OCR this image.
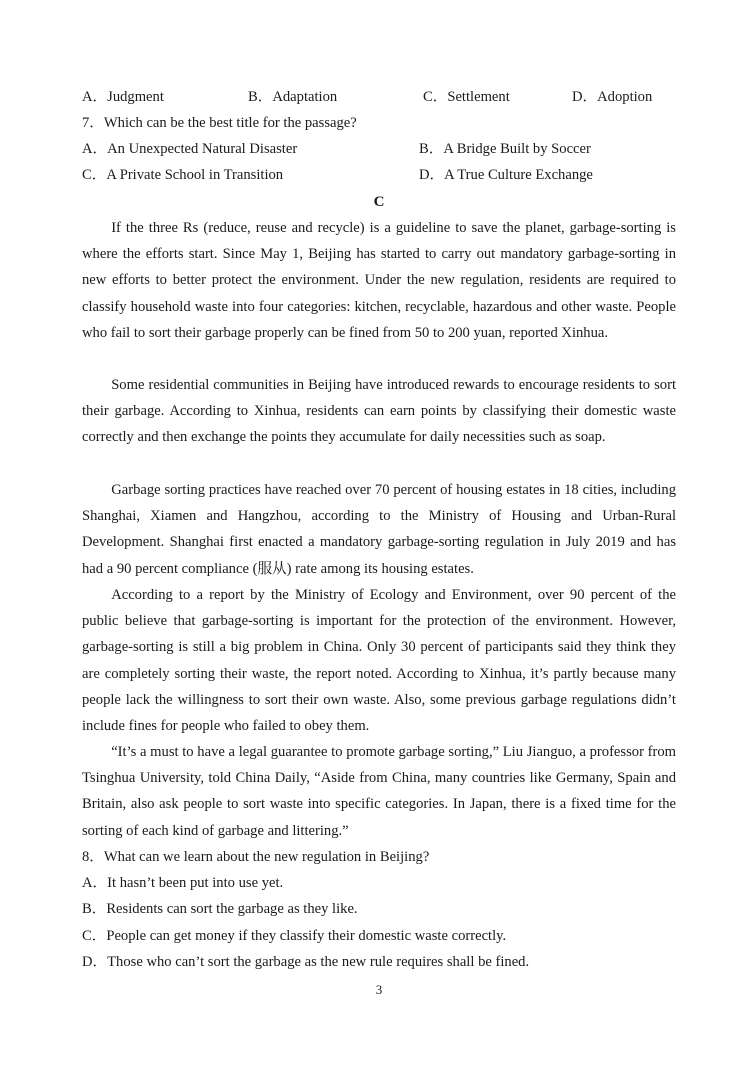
A．Judgment	B．Adaptation	C．Settlement	D．Adoption
7．Which can be the best title for the passage?
A．An Unexpected Natural Disaster	B．A Bridge Built by Soccer
C．A Private School in Transition	D．A True Culture Exchange
C

If the three Rs (reduce, reuse and recycle) is a guideline to save the planet, garbage-sorting is where the efforts start. Since May 1, Beijing has started to carry out mandatory garbage-sorting in new efforts to better protect the environment. Under the new regulation, residents are required to classify household waste into four categories: kitchen, recyclable, hazardous and other waste. People who fail to sort their garbage properly can be fined from 50 to 200 yuan, reported Xinhua.

Some residential communities in Beijing have introduced rewards to encourage residents to sort their garbage. According to Xinhua, residents can earn points by classifying their domestic waste correctly and then exchange the points they accumulate for daily necessities such as soap.

Garbage sorting practices have reached over 70 percent of housing estates in 18 cities, including Shanghai, Xiamen and Hangzhou, according to the Ministry of Housing and Urban-Rural Development. Shanghai first enacted a mandatory garbage-sorting regulation in July 2019 and has had a 90 percent compliance (服从) rate among its housing estates.

According to a report by the Ministry of Ecology and Environment, over 90 percent of the public believe that garbage-sorting is important for the protection of the environment. However, garbage-sorting is still a big problem in China. Only 30 percent of participants said they think they are completely sorting their waste, the report noted. According to Xinhua, it’s partly because many people lack the willingness to sort their own waste. Also, some previous garbage regulations didn’t include fines for people who failed to obey them.

“It’s a must to have a legal guarantee to promote garbage sorting,” Liu Jianguo, a professor from Tsinghua University, told China Daily, “Aside from China, many countries like Germany, Spain and Britain, also ask people to sort waste into specific categories. In Japan, there is a fixed time for the sorting of each kind of garbage and littering.”

8．What can we learn about the new regulation in Beijing?

A．It hasn’t been put into use yet.

B．Residents can sort the garbage as they like.

C．People can get money if they classify their domestic waste correctly.

D．Those who can’t sort the garbage as the new rule requires shall be fined.

3
